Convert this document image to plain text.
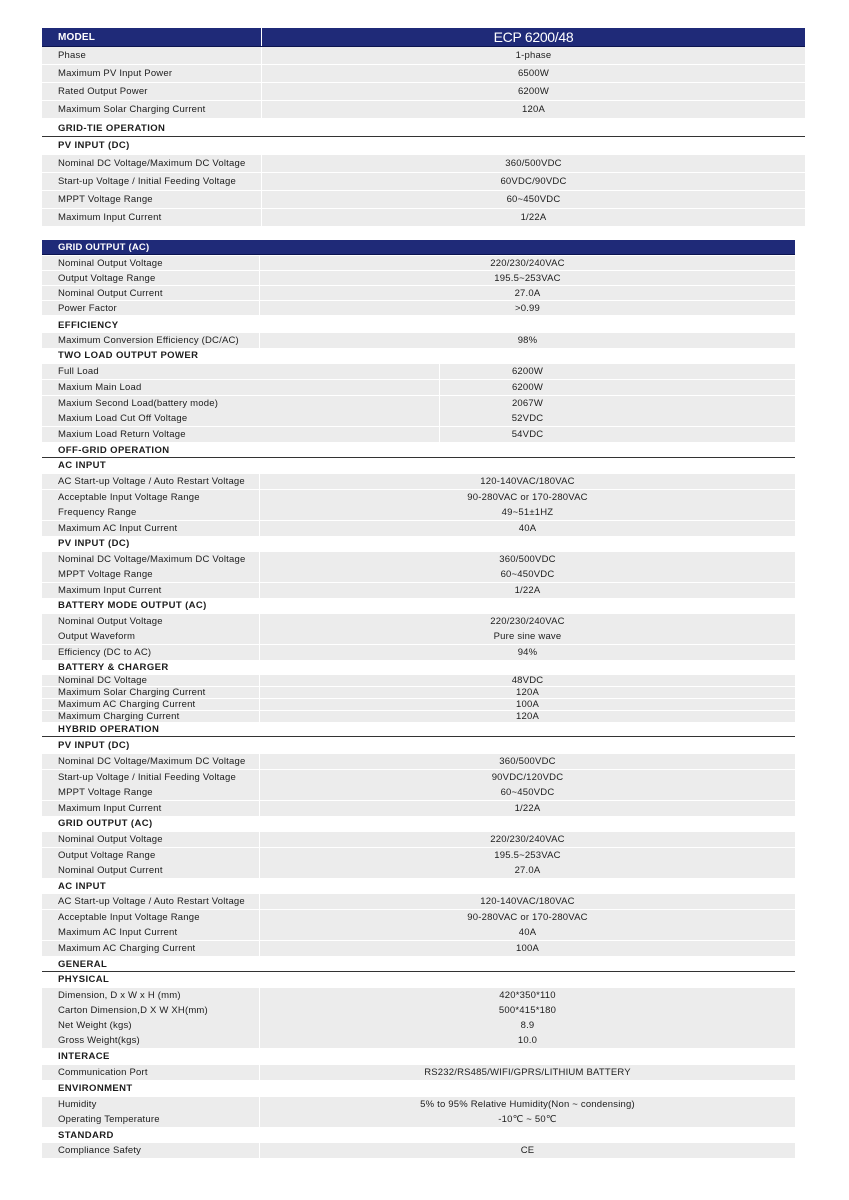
MODEL	ECP 6200/48
Phase	1-phase
Maximum PV Input Power	6500W
Rated Output Power	6200W
Maximum Solar Charging Current	120A
GRID-TIE OPERATION
PV INPUT (DC)
Nominal DC Voltage/Maximum DC Voltage	360/500VDC
Start-up Voltage / Initial Feeding Voltage	60VDC/90VDC
MPPT Voltage Range	60~450VDC
Maximum Input Current	1/22A
GRID OUTPUT (AC)
Nominal Output Voltage	220/230/240VAC
Output Voltage Range	195.5~253VAC
Nominal Output Current	27.0A
Power Factor	>0.99
EFFICIENCY
Maximum Conversion Efficiency (DC/AC)	98%
TWO LOAD OUTPUT POWER
Full Load	6200W
Maxium Main Load	6200W
Maxium Second Load(battery mode)	2067W
Maxium Load Cut Off Voltage	52VDC
Maxium Load Return Voltage	54VDC
OFF-GRID OPERATION
AC INPUT
AC Start-up Voltage / Auto Restart Voltage	120-140VAC/180VAC
Acceptable Input Voltage Range	90-280VAC or 170-280VAC
Frequency Range	49~51±1HZ
Maximum AC Input Current	40A
PV INPUT (DC)
Nominal DC Voltage/Maximum DC Voltage	360/500VDC
MPPT Voltage Range	60~450VDC
Maximum Input Current	1/22A
BATTERY MODE OUTPUT (AC)
Nominal Output Voltage	220/230/240VAC
Output Waveform	Pure sine wave
Efficiency (DC to AC)	94%
BATTERY & CHARGER
Nominal DC Voltage	48VDC
Maximum Solar Charging Current	120A
Maximum AC Charging Current	100A
Maximum Charging Current	120A
HYBRID OPERATION
PV INPUT (DC)
Nominal DC Voltage/Maximum DC Voltage	360/500VDC
Start-up Voltage / Initial Feeding Voltage	90VDC/120VDC
MPPT Voltage Range	60~450VDC
Maximum Input Current	1/22A
GRID OUTPUT (AC)
Nominal Output Voltage	220/230/240VAC
Output Voltage Range	195.5~253VAC
Nominal Output Current	27.0A
AC INPUT
AC Start-up Voltage / Auto Restart Voltage	120-140VAC/180VAC
Acceptable Input Voltage Range	90-280VAC or 170-280VAC
Maximum AC Input Current	40A
Maximum AC Charging Current	100A
GENERAL
PHYSICAL
Dimension, D x W x H (mm)	420*350*110
Carton Dimension,D X W XH(mm)	500*415*180
Net Weight (kgs)	8.9
Gross Weight(kgs)	10.0
INTERACE
Communication Port	RS232/RS485/WIFI/GPRS/LITHIUM BATTERY
ENVIRONMENT
Humidity	5% to 95% Relative Humidity(Non ~ condensing)
Operating Temperature	-10℃ ~ 50℃
STANDARD
Compliance Safety	CE
